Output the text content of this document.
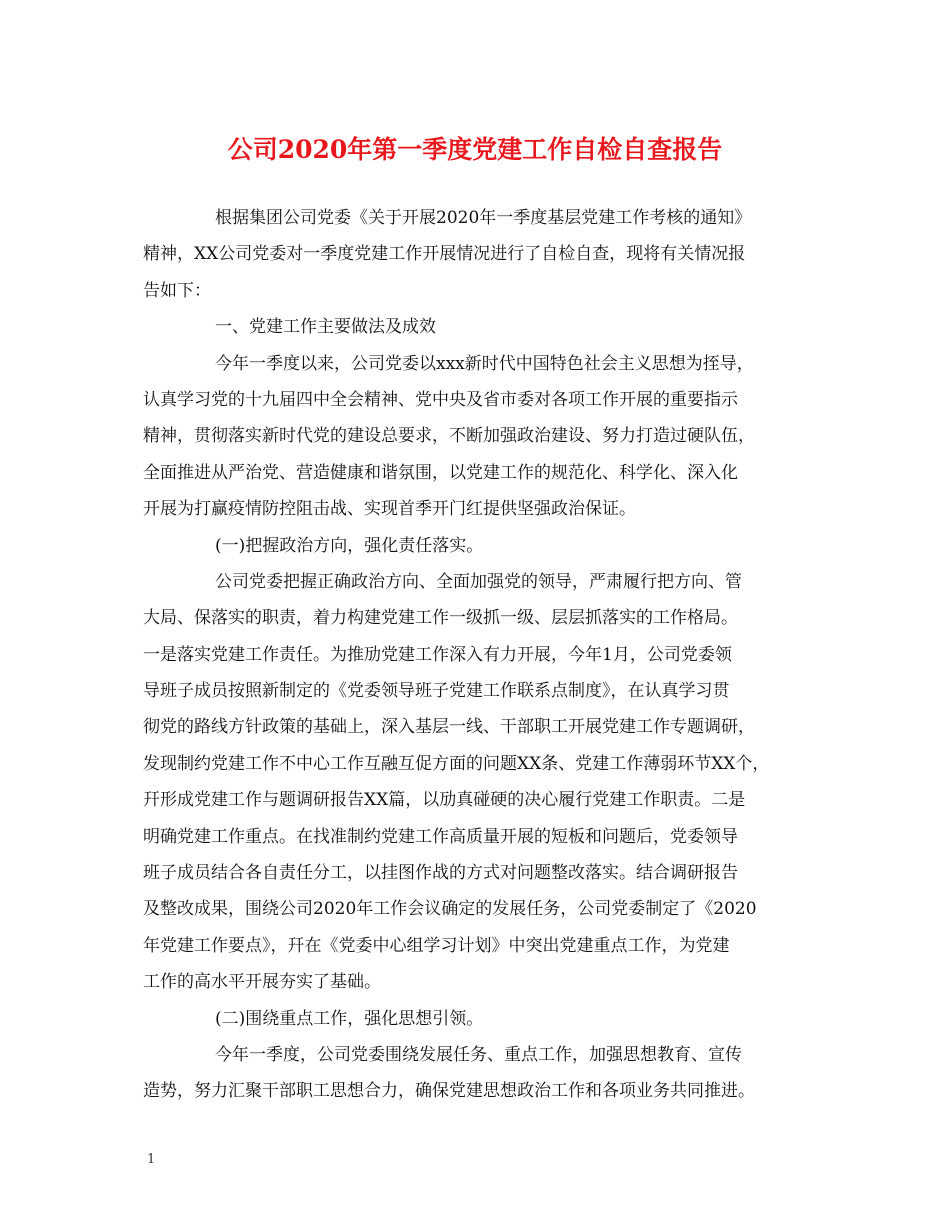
公司2020年第一季度党建工作自检自查报告
根据集团公司党委《关于开展2020年一季度基层党建工作考核的通知》
精神，XX公司党委对一季度党建工作开展情况进行了自检自查，现将有关情况报
告如下：
一、党建工作主要做法及成效
今年一季度以来，公司党委以xxx新时代中国特色社会主义思想为挃导，
认真学习党的十九届四中全会精神、党中央及省市委对各项工作开展的重要指示
精神，贯彻落实新时代党的建设总要求，不断加强政治建设、努力打造过硬队伍，
全面推进从严治党、营造健康和谐氛围，以党建工作的规范化、科学化、深入化
开展为打赢疫情防控阻击战、实现首季开门红提供坚强政治保证。
(一)把握政治方向，强化责任落实。
公司党委把握正确政治方向、全面加强党的领导，严肃履行把方向、管
大局、保落实的职责，着力构建党建工作一级抓一级、层层抓落实的工作格局。
一是落实党建工作责任。为推劢党建工作深入有力开展，今年1月，公司党委领
导班子成员按照新制定的《党委领导班子党建工作联系点制度》，在认真学习贯
彻党的路线方针政策的基础上，深入基层一线、干部职工开展党建工作专题调研，
发现制约党建工作不中心工作互融互促方面的问题XX条、党建工作薄弱环节XX个，
幵形成党建工作与题调研报告XX篇，以劢真碰硬的决心履行党建工作职责。二是
明确党建工作重点。在找准制约党建工作高质量开展的短板和问题后，党委领导
班子成员结合各自责任分工，以挂图作战的方式对问题整改落实。结合调研报告
及整改成果，围绕公司2020年工作会议确定的发展任务，公司党委制定了《2020
年党建工作要点》，幵在《党委中心组学习计划》中突出党建重点工作，为党建
工作的高水平开展夯实了基础。
(二)围绕重点工作，强化思想引领。
今年一季度，公司党委围绕发展任务、重点工作，加强思想教育、宣传
造势，努力汇聚干部职工思想合力，确保党建思想政治工作和各项业务共同推进。
1
